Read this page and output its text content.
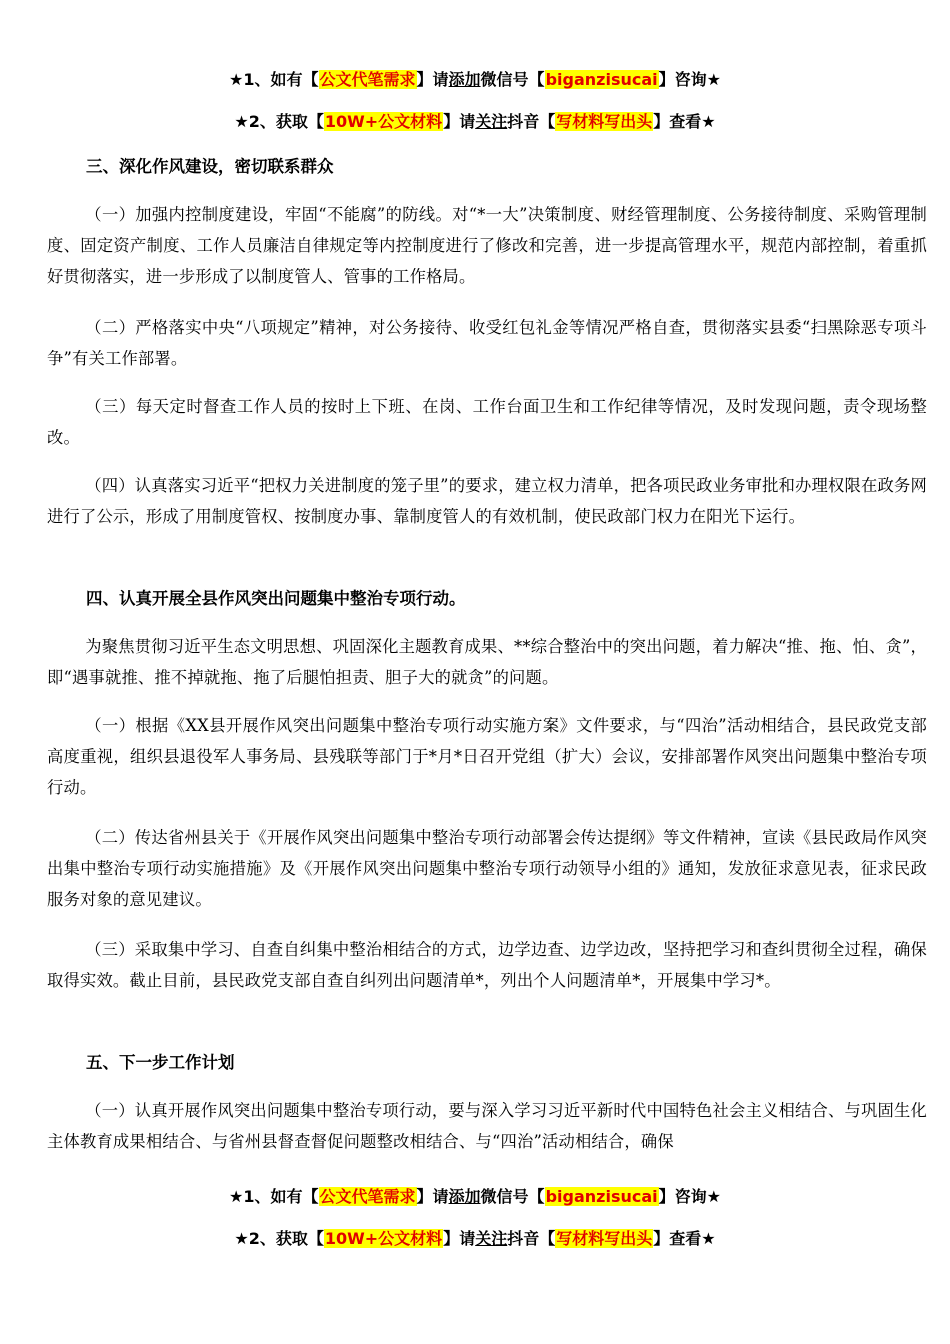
★1、如有【公文代笔需求】请添加微信号【biganzisucai】咨询★
★2、获取【10W+公文材料】请关注抖音【写材料写出头】查看★
三、深化作风建设，密切联系群众
（一）加强内控制度建设，牢固“不能腐”的防线。对“*一大”决策制度、财经管理制度、公务接待制度、采购管理制度、固定资产制度、工作人员廉洁自律规定等内控制度进行了修改和完善，进一步提高管理水平，规范内部控制，着重抓好贯彻落实，进一步形成了以制度管人、管事的工作格局。
（二）严格落实中央“八项规定”精神，对公务接待、收受红包礼金等情况严格自查，贯彻落实县委“扫黑除恶专项斗争”有关工作部署。
（三）每天定时督查工作人员的按时上下班、在岗、工作台面卫生和工作纪律等情况，及时发现问题，责令现场整改。
（四）认真落实习近平“把权力关进制度的笼子里”的要求，建立权力清单，把各项民政业务审批和办理权限在政务网进行了公示，形成了用制度管权、按制度办事、靠制度管人的有效机制，使民政部门权力在阳光下运行。
四、认真开展全县作风突出问题集中整治专项行动。
为聚焦贯彻习近平生态文明思想、巩固深化主题教育成果、**综合整治中的突出问题，着力解决“推、拖、怕、贪”，即“遇事就推、推不掉就拖、拖了后腿怕担责、胆子大的就贪”的问题。
（一）根据《XX县开展作风突出问题集中整治专项行动实施方案》文件要求，与“四治”活动相结合，县民政党支部高度重视，组织县退役军人事务局、县残联等部门于*月*日召开党组（扩大）会议，安排部署作风突出问题集中整治专项行动。
（二）传达省州县关于《开展作风突出问题集中整治专项行动部署会传达提纲》等文件精神，宣读《县民政局作风突出集中整治专项行动实施措施》及《开展作风突出问题集中整治专项行动领导小组的》通知，发放征求意见表，征求民政服务对象的意见建议。
（三）采取集中学习、自查自纠集中整治相结合的方式，边学边查、边学边改，坚持把学习和查纠贯彻全过程，确保取得实效。截止目前，县民政党支部自查自纠列出问题清单*，列出个人问题清单*，开展集中学习*。
五、下一步工作计划
（一）认真开展作风突出问题集中整治专项行动，要与深入学习习近平新时代中国特色社会主义相结合、与巩固生化主体教育成果相结合、与省州县督查督促问题整改相结合、与“四治”活动相结合，确保
★1、如有【公文代笔需求】请添加微信号【biganzisucai】咨询★
★2、获取【10W+公文材料】请关注抖音【写材料写出头】查看★
